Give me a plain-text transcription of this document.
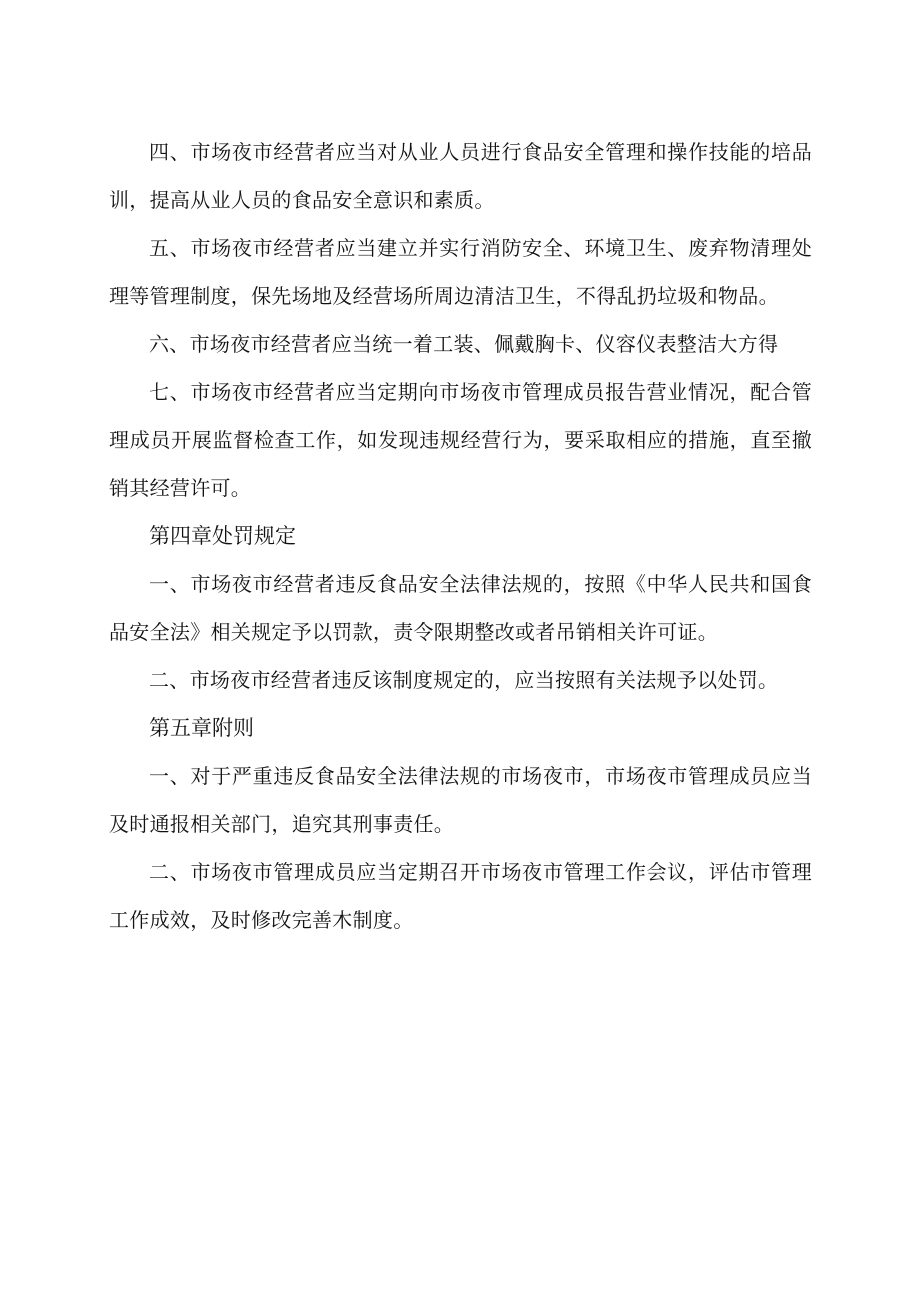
四、市场夜市经营者应当对从业人员进行食品安全管理和操作技能的培品训，提高从业人员的食品安全意识和素质。

五、市场夜市经营者应当建立并实行消防安全、环境卫生、废弃物清理处理等管理制度，保先场地及经营场所周边清洁卫生，不得乱扔垃圾和物品。

六、市场夜市经营者应当统一着工装、佩戴胸卡、仪容仪表整洁大方得

七、市场夜市经营者应当定期向市场夜市管理成员报告营业情况，配合管理成员开展监督检查工作，如发现违规经营行为，要采取相应的措施，直至撤销其经营许可。

第四章处罚规定

一、市场夜市经营者违反食品安全法律法规的，按照《中华人民共和国食品安全法》相关规定予以罚款，责令限期整改或者吊销相关许可证。

二、市场夜市经营者违反该制度规定的，应当按照有关法规予以处罚。

第五章附则

一、对于严重违反食品安全法律法规的市场夜市，市场夜市管理成员应当及时通报相关部门，追究其刑事责任。

二、市场夜市管理成员应当定期召开市场夜市管理工作会议，评估市管理工作成效，及时修改完善木制度。
